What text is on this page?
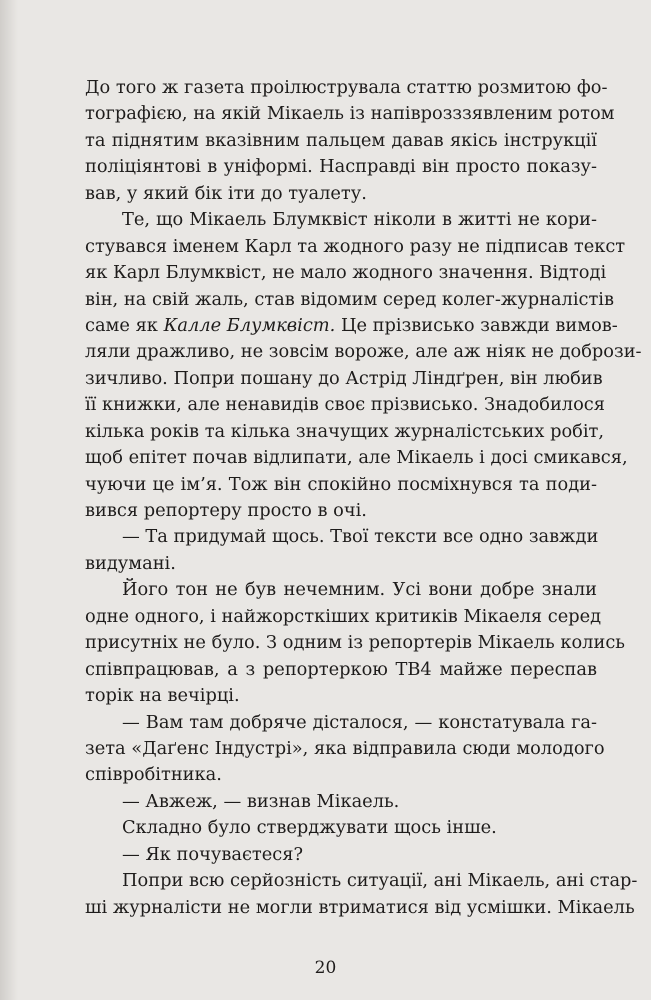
До того ж газета проілюструвала статтю розмитою фо-
тографією, на якій Мікаель із напіврозззявленим ротом
та піднятим вказівним пальцем давав якісь інструкції
поліціянтові в уніформі. Насправді він просто показу-
вав, у який бік іти до туалету.
Те, що Мікаель Блумквіст ніколи в житті не кори-
стувався іменем Карл та жодного разу не підписав текст
як Карл Блумквіст, не мало жодного значення. Відтоді
він, на свій жаль, став відомим серед колег-журналістів
саме як Калле Блумквіст. Це прізвисько завжди вимов-
ляли дражливо, не зовсім вороже, але аж ніяк не добрози-
зичливо. Попри пошану до Астрід Ліндґрен, він любив
її книжки, але ненавидів своє прізвисько. Знадобилося
кілька років та кілька значущих журналістських робіт,
щоб епітет почав відлипати, але Мікаель і досі смикався,
чуючи це ім’я. Тож він спокійно посміхнувся та поди-
вився репортеру просто в очі.
— Та придумай щось. Твої тексти все одно завжди
видумані.
Його тон не був нечемним. Усі вони добре знали
одне одного, і найжорсткіших критиків Мікаеля серед
присутніх не було. З одним із репортерів Мікаель колись
співпрацював, а з репортеркою ТВ4 майже переспав
торік на вечірці.
— Вам там добряче дісталося, — констатувала га-
зета «Даґенс Індустрі», яка відправила сюди молодого
співробітника.
— Авжеж, — визнав Мікаель.
Складно було стверджувати щось інше.
— Як почуваєтеся?
Попри всю серйозність ситуації, ані Мікаель, ані стар-
ші журналісти не могли втриматися від усмішки. Мікаель
20
